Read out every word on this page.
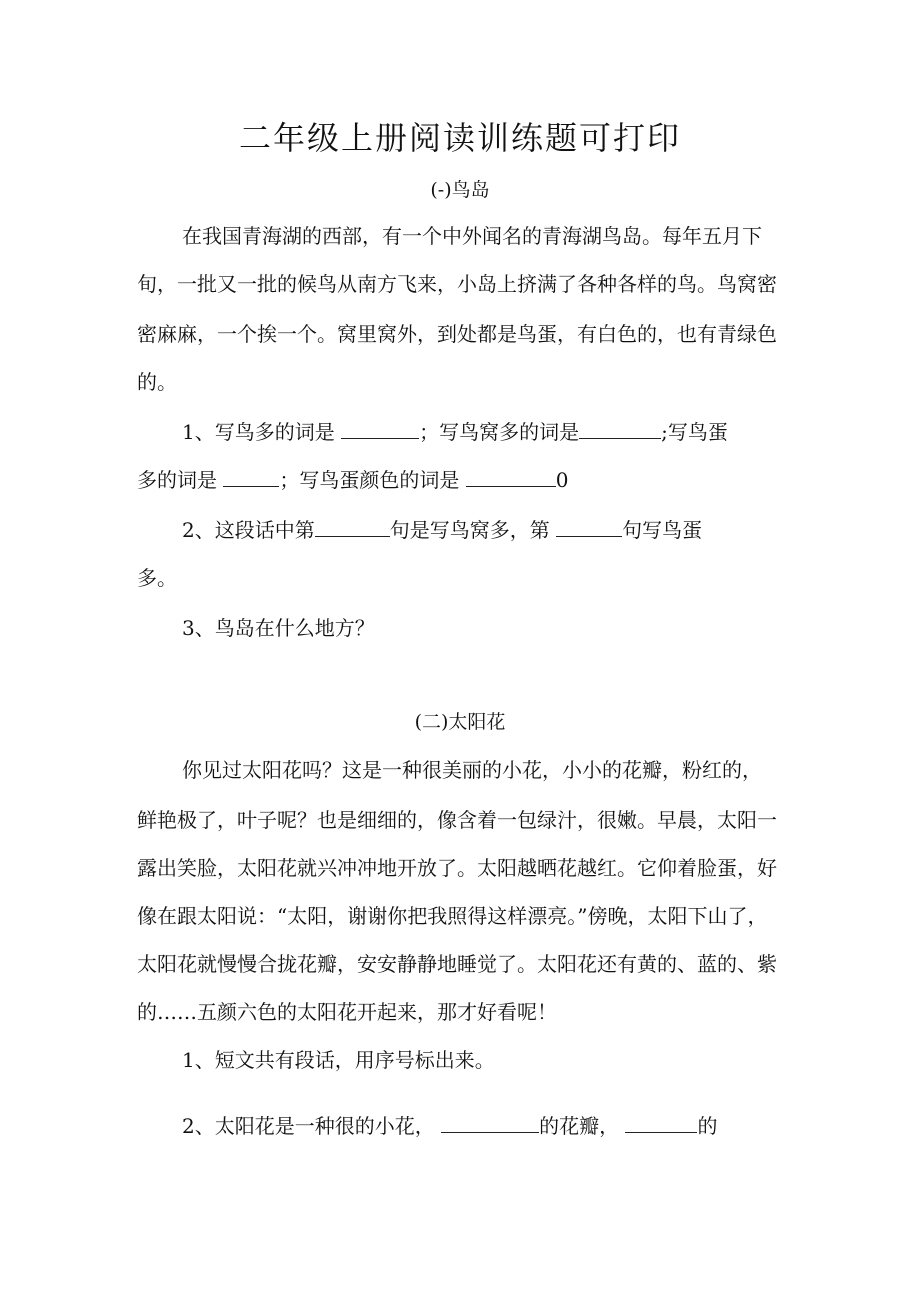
二年级上册阅读训练题可打印
(-)鸟岛
在我国青海湖的西部，有一个中外闻名的青海湖鸟岛。每年五月下
旬，一批又一批的候鸟从南方飞来，小岛上挤满了各种各样的鸟。鸟窝密
密麻麻，一个挨一个。窝里窝外，到处都是鸟蛋，有白色的，也有青绿色
的。
1、写鸟多的词是	；写鸟窝多的词是	;写鸟蛋
多的词是	；写鸟蛋颜色的词是	0
2、这段话中第	句是写鸟窝多，第	句写鸟蛋
多。
3、鸟岛在什么地方？
(二)太阳花
你见过太阳花吗？这是一种很美丽的小花，小小的花瓣，粉红的，
鲜艳极了，叶子呢？也是细细的，像含着一包绿汁，很嫩。早晨，太阳一
露出笑脸，太阳花就兴冲冲地开放了。太阳越晒花越红。它仰着脸蛋，好
像在跟太阳说：“太阳，谢谢你把我照得这样漂亮。”傍晚，太阳下山了，
太阳花就慢慢合拢花瓣，安安静静地睡觉了。太阳花还有黄的、蓝的、紫
的……五颜六色的太阳花开起来，那才好看呢！
1、短文共有段话，用序号标出来。
2、太阳花是一种很的小花，	的花瓣，	的
